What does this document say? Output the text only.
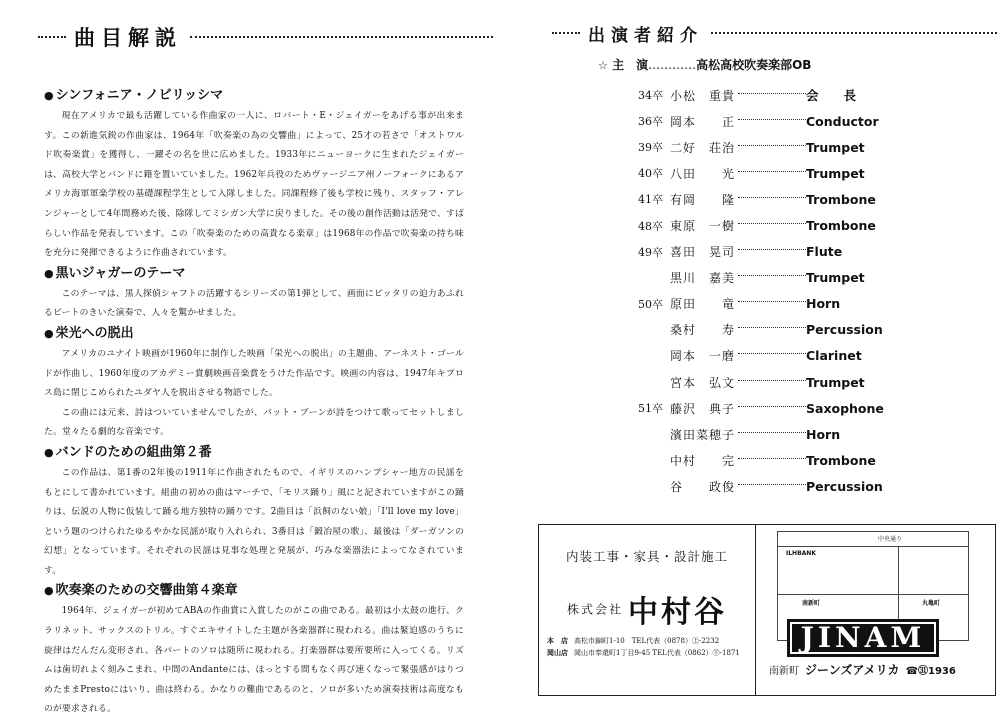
曲目解説
● シンフォニア・ノビリッシマ

現在アメリカで最も活躍している作曲家の一人に、ロバート・E・ジェイガーをあげる事が出来ます。この新進気鋭の作曲家は、1964年「吹奏楽の為の交響曲」によって、25才の若さで「オストワルド吹奏楽賞」を獲得し、一躍その名を世に広めました。1933年にニューヨークに生まれたジェイガーは、高校大学とバンドに籍を置いていました。1962年兵役のためヴァージニア州ノーフォークにあるアメリカ海軍軍楽学校の基礎課程学生として入隊しました。同課程修了後も学校に残り、スタッフ・アレンジャーとして4年間務めた後、除隊してミシガン大学に戻りました。その後の創作活動は活発で、すばらしい作品を発表しています。この「吹奏楽のための高貴なる楽章」は1968年の作品で吹奏楽の持ち味を充分に発揮できるように作曲されています。

● 黒いジャガーのテーマ

このテーマは、黒人探偵シャフトの活躍するシリーズの第1弾として、画面にピッタリの迫力あふれるビートのきいた演奏で、人々を驚かせました。

● 栄光への脱出

アメリカのユナイト映画が1960年に制作した映画「栄光への脱出」の主題曲、アーネスト・ゴールドが作曲し、1960年度のアカデミー賞劇映画音楽賞をうけた作品です。映画の内容は、1947年キプロス島に閉じこめられたユダヤ人を脱出させる物語でした。

この曲には元来、詩はついていませんでしたが、パット・ブーンが詩をつけて歌ってセットしました。堂々たる劇的な音楽です。

● バンドのための組曲第２番

この作品は、第1番の2年後の1911年に作曲されたもので、イギリスのハンプシャー地方の民謡をもとにして書かれています。組曲の初めの曲はマーチで、「モリス踊り」風にと記されていますがこの踊りは、伝説の人物に仮装して踊る地方独特の踊りです。2曲目は「浜飼のない娘」「I'll love my love」という題のつけられたゆるやかな民謡が取り入れられ、3番目は「鍛冶屋の歌」、最後は「ダーガソンの幻想」となっています。それぞれの民謡は見事な処理と発展が、巧みな楽器法によってなされています。

● 吹奏楽のための交響曲第４楽章

1964年、ジェイガーが初めてABAの作曲賞に入賞したのがこの曲である。最初は小太鼓の進行、クラリネット、サックスのトリル。すぐエキサイトした主題が各楽器群に現われる。曲は緊迫感のうちに旋律はだんだん変形され、各パートのソロは随所に現われる。打楽器群は要所要所に入ってくる。リズムは歯切れよく刻みこまれ、中間のAndanteには、ほっとする間もなく再び速くなって緊張感がはりつめたままPrestoにはいり、曲は終わる。かなりの難曲であるのと、ソロが多いため演奏技術は高度なものが要求される。

出演者紹介
☆ 主　演…………高松高校吹奏楽部OB
34卒 小松　重貴	会　　長
36卒 岡本　　正	Conductor
39卒 二好　荘治	Trumpet
40卒 八田　　光	Trumpet
41卒 有岡　　隆	Trombone
48卒 東原　一樹	Trombone
49卒 喜田　晃司	Flute
黒川　嘉美	Trumpet
50卒 原田　　竜	Horn
桑村　　寿	Percussion
岡本　一磨	Clarinet
宮本　弘文	Trumpet
51卒 藤沢　典子	Saxophone
濱田菜穂子	Horn
中村　　完	Trombone
谷　　政俊	Percussion
内装工事・家具・設計施工
株式会社 中村谷
本　店 高松市錦町1-10　TEL代表（0878）㊤-2232
岡山店 岡山市奉還町1丁目9-45 TEL代表（0862）㊦-1871
中央通り
ILHBANK
南新町	丸亀町
JINAM
南新町 ジーンズアメリカ ☎㉛1936
